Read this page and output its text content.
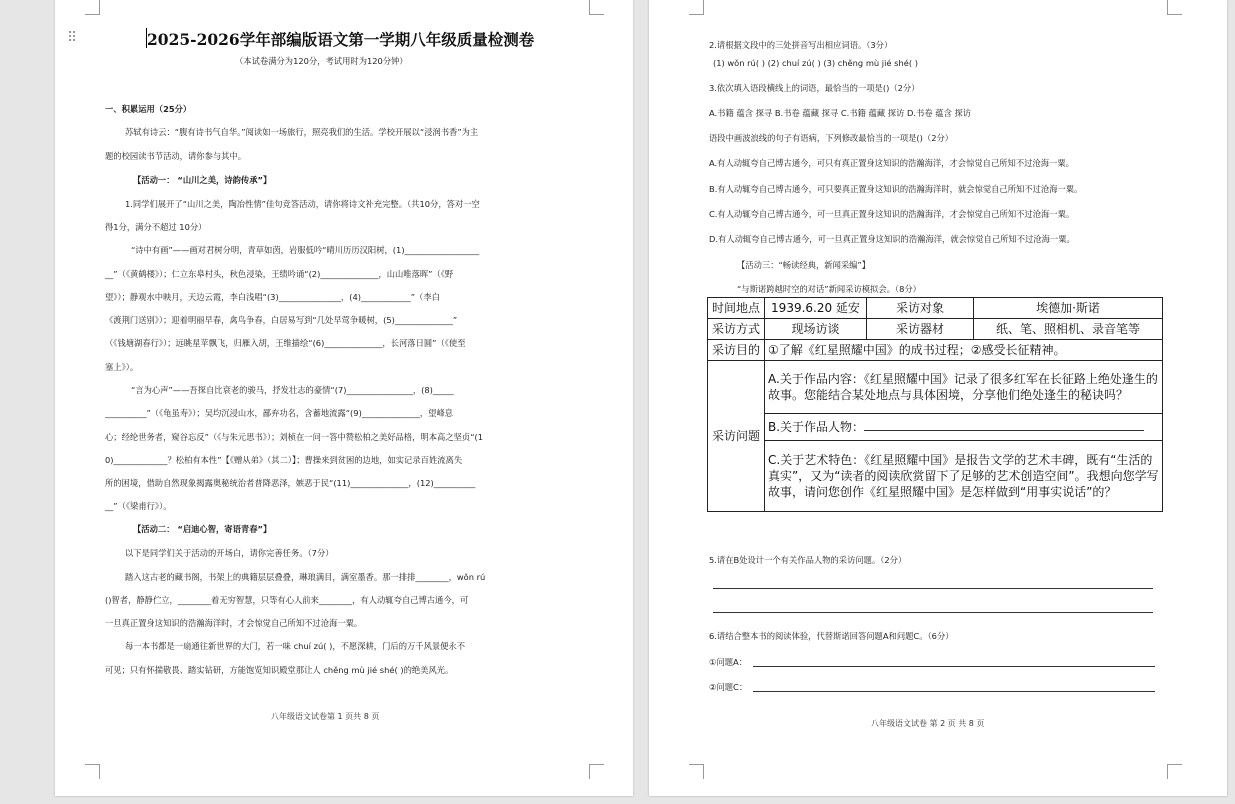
⠿	2025-2026学年部编版语文第一学期八年级质量检测卷
（本试卷满分为120分，考试用时为120分钟）
一、积累运用（25分）
苏轼有诗云：“腹有诗书气自华。”阅读如一场旅行，照亮我们的生活。学校开展以“浸润书香”为主
题的校园读书节活动，请你参与其中。
【活动一： “山川之美，诗韵传承”】
1.同学们展开了“山川之美，陶冶性情”佳句竞答活动，请你将诗文补充完整。（共10分，答对一空
得1分，满分不超过 10分）
“诗中有画”——画对君树分明，青草如茵，岩服低吟“晴川历历汉阳树，(1)__________________
__”（《黄鹤楼》）；仁立东皋村头，秋色浸染，王绩吟诵“(2)______________，山山唯落晖”（《野
望》）；静观水中映月，天边云霞，李白浅唱“(3)_______________，(4)____________”（李白
《渡荆门送别》）；迎着明丽早春，禽鸟争春，白居易写到“几处早莺争暖树，(5)______________”
（《钱塘湖春行》）；远眺星苹飘飞，归雁入胡，王维描绘“(6)______________，长河落日圆”（《使至
塞上》）。
“言为心声”——吾探自比衰老的骏马，抒发壮志的豪情“(7)________________，(8)_____
__________”（《龟虽寿》）；吴均沉浸山水，鄙弃功名，含蓄地流露“(9)______________，望峰息
心；经纶世务者，窥谷忘反”（《与朱元思书》）；刘桢在一问一答中赞松柏之美好品格，明本高之坚贞“(1
0)_____________？松柏有本性”【《赠从弟》（其二）】；曹操来到贫困的边地，如实记录百姓流离失
所的困境，借助自然现象揭露奥秘统治者普降恶泽，嫉恶于民“(11)______________，(12)__________
__”（《梁甫行》）。
【活动二： “启迪心智，寄语青春”】
以下是同学们关于活动的开场白，请你完善任务。（7分）
踏入这古老的藏书阁，书架上的典籍层层叠叠，琳琅满目，满室墨香。那一排排________，wǒn rú
()智者，静静伫立，________着无穷智慧，只等有心人前来________，有人动辄夸自己博古通今，可
一旦真正置身这知识的浩瀚海洋时，才会惊觉自己所知不过沧海一粟。
每一本书都是一扇通往新世界的大门，若一味 chuí zú( )，不愿深耕，门后的万千风景便永不
可见；只有怀揣敬畏、踏实钻研，方能饱览知识殿堂那让人 chěng mù jié shé( )的绝美风光。
八年级语文试卷第 1 页共 8 页
2.请根据文段中的三处拼音写出相应词语。（3分）
(1) wǒn rú( ) (2) chuí zú( ) (3) chěng mù jié shé( )
3.依次填入语段横线上的词语，最恰当的一项是()（2分）
A.书籍 蕴含 探寻 B.书卷 蕴藏 探寻 C.书籍 蕴藏 探访 D.书卷 蕴含 探访
语段中画波浪线的句子有语病，下列修改最恰当的一项是()（2分）
A.有人动辄夸自己博古通今，可只有真正置身这知识的浩瀚海洋，才会惊觉自己所知不过沧海一粟。
B.有人动辄夸自己博古通今，可只要真正置身这知识的浩瀚海洋时，就会惊觉自己所知不过沧海一粟。
C.有人动辄夸自己博古通今，可一旦真正置身这知识的浩瀚海洋，才会惊觉自己所知不过沧海一粟。
D.有人动辄夸自己博古通今，可一旦真正置身这知识的浩瀚海洋，就会惊觉自己所知不过沧海一粟。
【活动三：“畅读经典，新闻采编”】
“与斯诺跨越时空的对话”新闻采访模拟会。（8分）
时间地点	1939.6.20 延安	采访对象	埃德加·斯诺
采访方式	现场访谈	采访器材	纸、笔、照相机、录音笔等
采访目的	①了解《红星照耀中国》的成书过程；②感受长征精神。		
采访问题	A.关于作品内容：《红星照耀中国》记录了很多红军在长征路上绝处逢生的故事。您能结合某处地点与具体困境，分享他们绝处逢生的秘诀吗？		
	B.关于作品人物：		
	C.关于艺术特色：《红星照耀中国》是报告文学的艺术丰碑，既有“生活的真实”，又为“读者的阅读欣赏留下了足够的艺术创造空间”。我想向您学写故事，请问您创作《红星照耀中国》是怎样做到“用事实说话”的？		
5.请在B处设计一个有关作品人物的采访问题。（2分）
6.请结合整本书的阅读体验，代替斯诺回答问题A和问题C。（6分）
①问题A：
②问题C：
八年级语文试卷 第 2 页 共 8 页
